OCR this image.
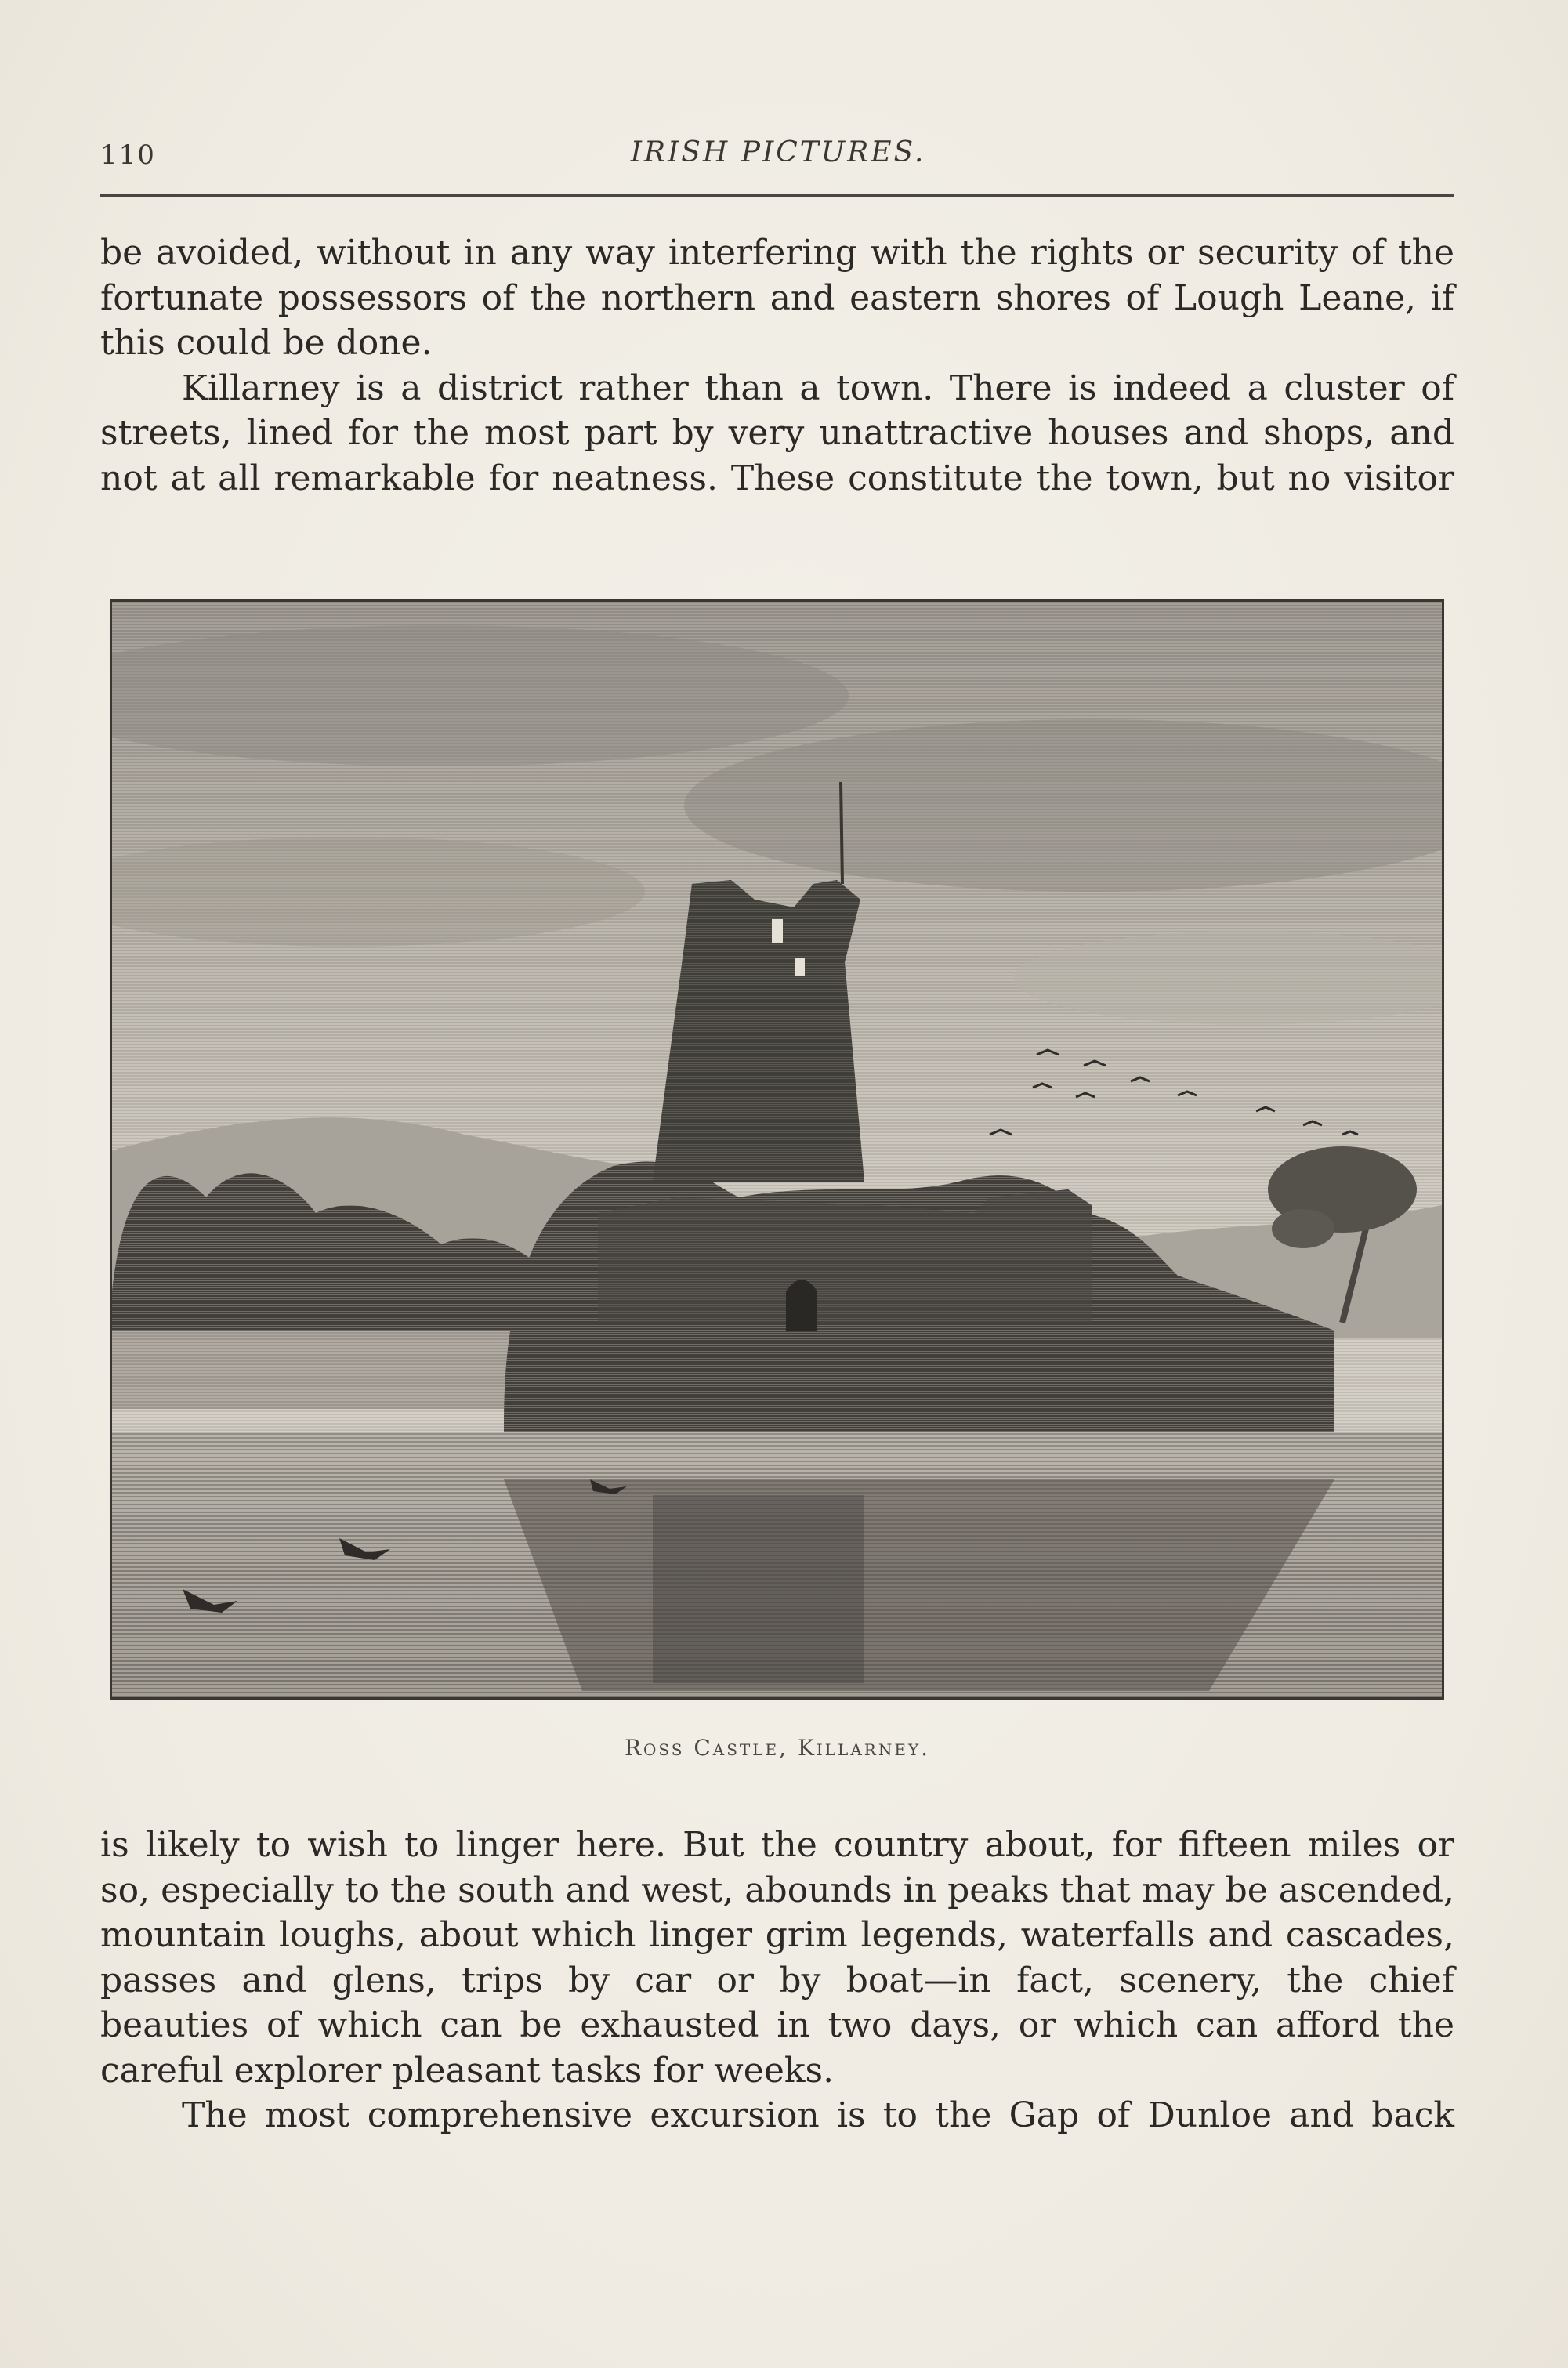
110	IRISH PICTURES.
be avoided, without in any way interfering with the rights or security of the
fortunate possessors of the northern and eastern shores of Lough Leane, if
this could be done.
Killarney is a district rather than a town. There is indeed a cluster of
streets, lined for the most part by very unattractive houses and shops, and
not at all remarkable for neatness. These constitute the town, but no visitor
Ross Castle, Killarney.
is likely to wish to linger here. But the country about, for fifteen miles or
so, especially to the south and west, abounds in peaks that may be ascended,
mountain loughs, about which linger grim legends, waterfalls and cascades,
passes and glens, trips by car or by boat—in fact, scenery, the chief
beauties of which can be exhausted in two days, or which can afford the
careful explorer pleasant tasks for weeks.
The most comprehensive excursion is to the Gap of Dunloe and back
